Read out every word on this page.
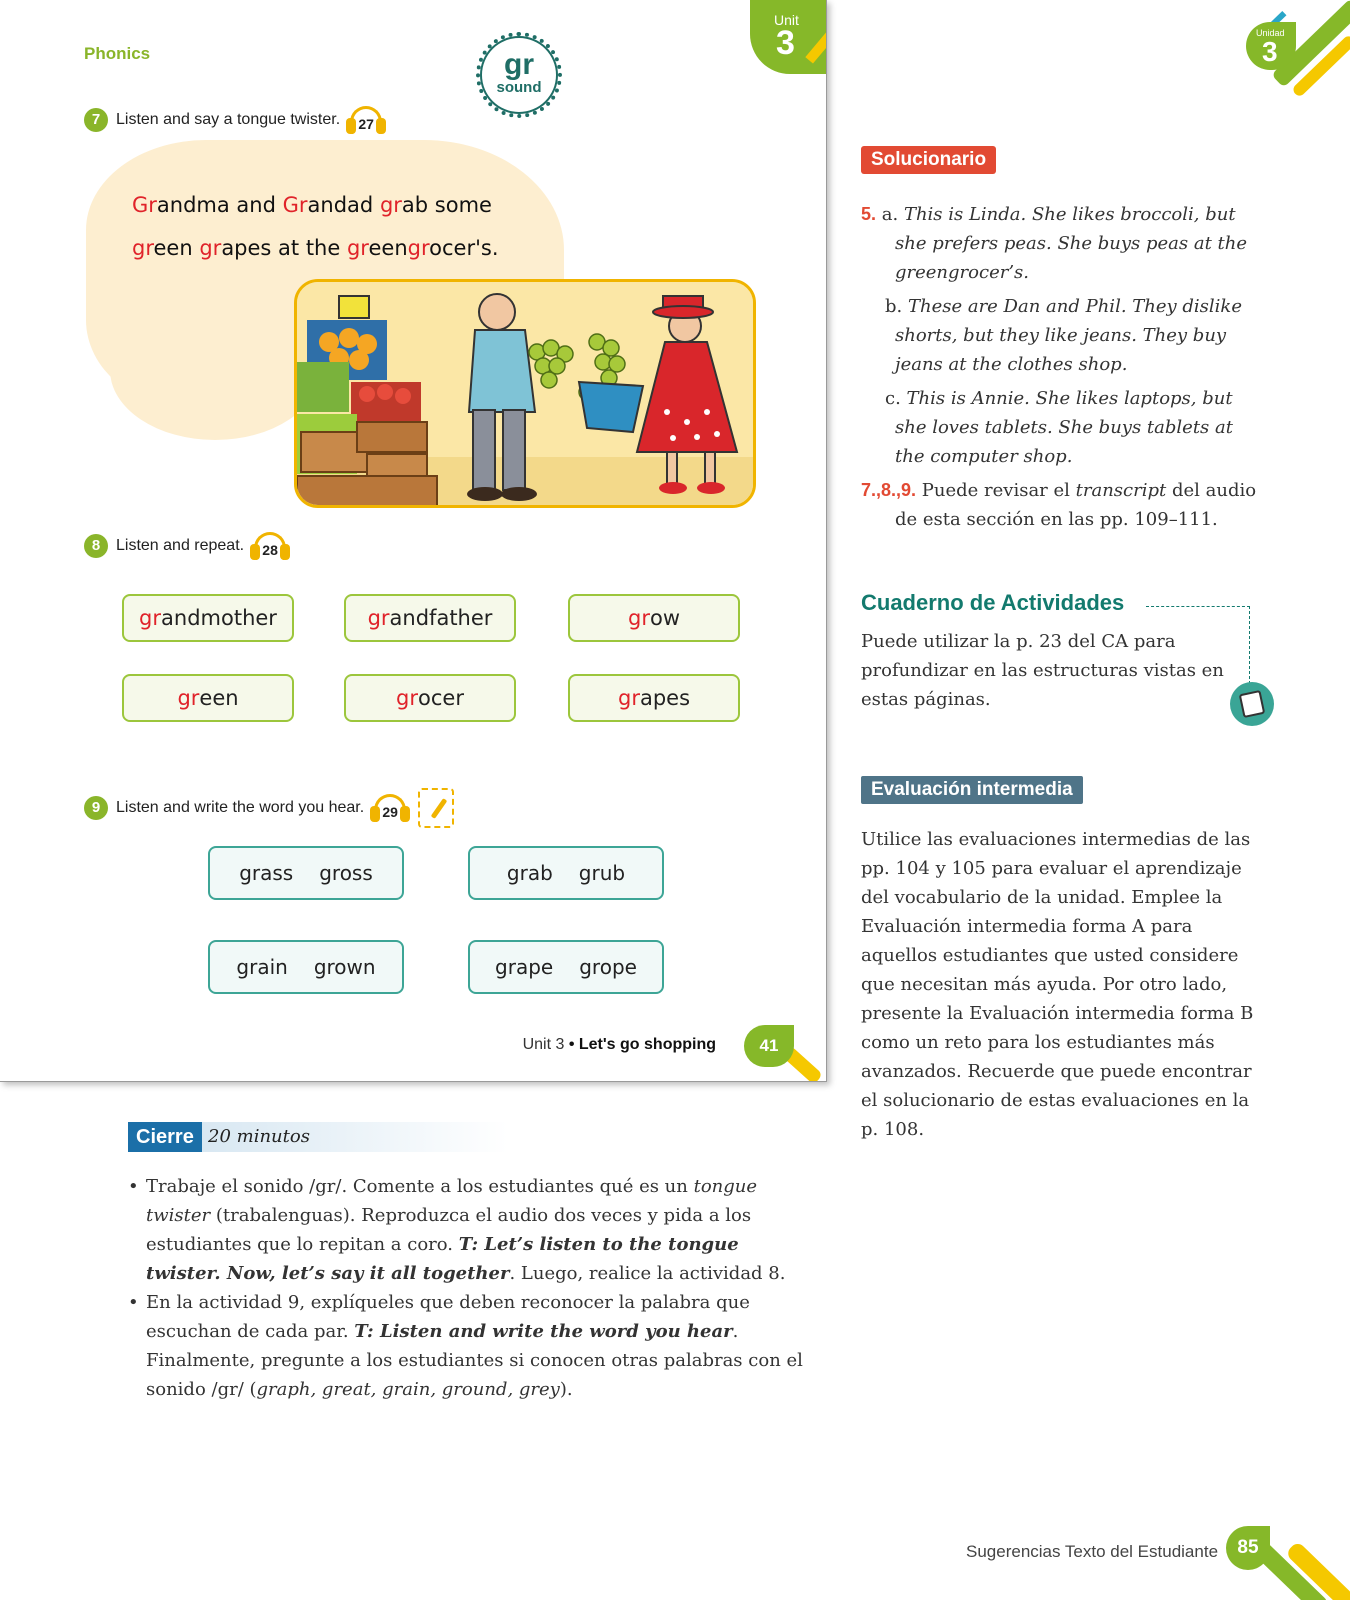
Phonics	gr
sound
Unit
3
7 Listen and say a tongue twister. 27
Grandma and Grandad grab some
green grapes at the greengrocer's.
8 Listen and repeat. 28
gr andmother	gr andfather	gr ow
gr een	gr ocer	gr apes
9 Listen and write the word you hear. 29
grass gross	grab grub
grain grown	grape grope
Unit 3 • Let's go shopping	41
Cierre 20 minutos
• Trabaje el sonido /gr/. Comente a los estudiantes qué es un tongue twister (trabalenguas). Reproduzca el audio dos veces y pida a los estudiantes que lo repitan a coro. T: Let’s listen to the tongue twister. Now, let’s say it all together. Luego, realice la actividad 8.
• En la actividad 9, explíqueles que deben reconocer la palabra que escuchan de cada par. T: Listen and write the word you hear. Finalmente, pregunte a los estudiantes si conocen otras palabras con el sonido /gr/ (graph, great, grain, ground, grey).
Unidad
3
Solucionario
5. a. This is Linda. She likes broccoli, but she prefers peas. She buys peas at the greengrocer’s.
b. These are Dan and Phil. They dislike shorts, but they like jeans. They buy jeans at the clothes shop.
c. This is Annie. She likes laptops, but she loves tablets. She buys tablets at the computer shop.
7.,8.,9. Puede revisar el transcript del audio de esta sección en las pp. 109–111.
Cuaderno de Actividades
Puede utilizar la p. 23 del CA para profundizar en las estructuras vistas en estas páginas.
Evaluación intermedia
Utilice las evaluaciones intermedias de las pp. 104 y 105 para evaluar el aprendizaje del vocabulario de la unidad. Emplee la Evaluación intermedia forma A para aquellos estudiantes que usted considere que necesitan más ayuda. Por otro lado, presente la Evaluación intermedia forma B como un reto para los estudiantes más avanzados. Recuerde que puede encontrar el solucionario de estas evaluaciones en la p. 108.
Sugerencias Texto del Estudiante	85
